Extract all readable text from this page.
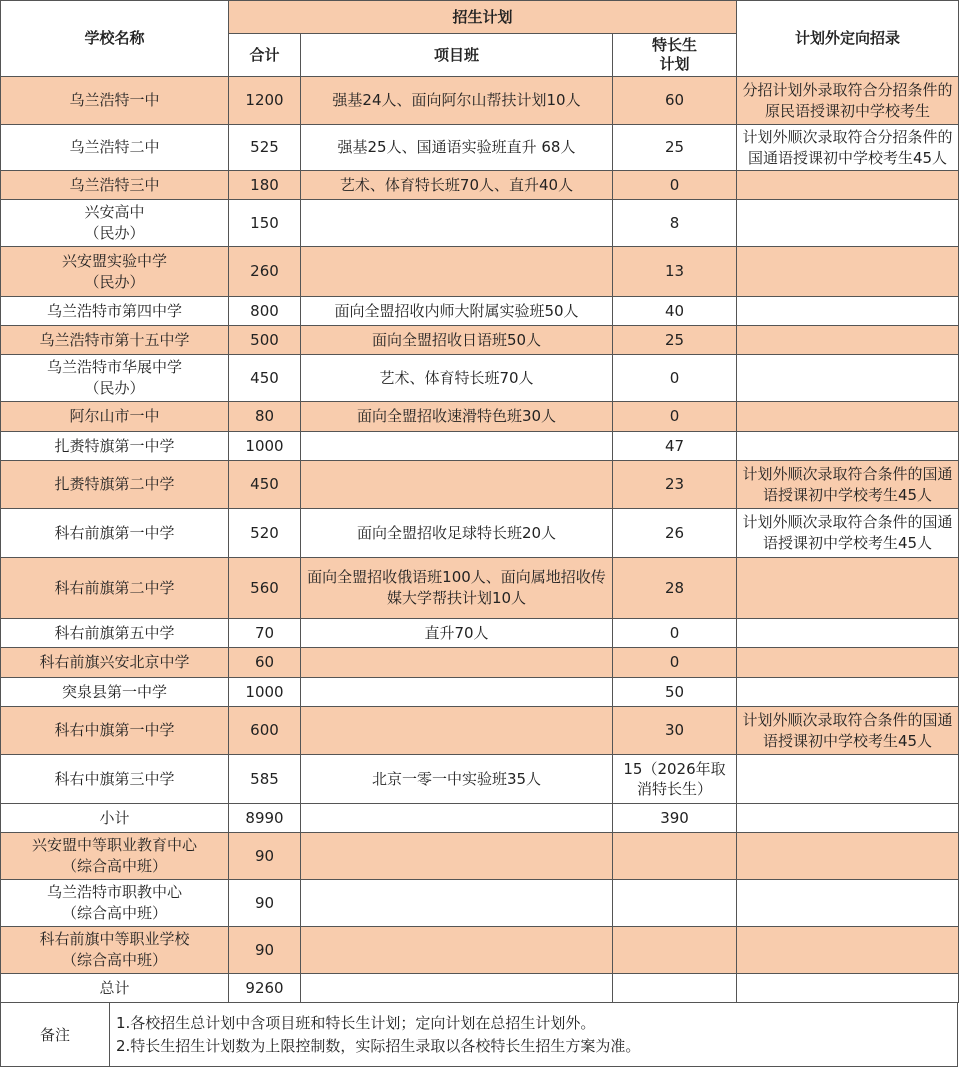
学校名称	招生计划			计划外定向招录
	合计	项目班	特长生
计划	
乌兰浩特一中	1200	强基24人、面向阿尔山帮扶计划10人	60	分招计划外录取符合分招条件的原民语授课初中学校考生
乌兰浩特二中	525	强基25人、国通语实验班直升 68人	25	计划外顺次录取符合分招条件的国通语授课初中学校考生45人
乌兰浩特三中	180	艺术、体育特长班70人、直升40人	0	
兴安高中
（民办）	150		8	
兴安盟实验中学
（民办）	260		13	
乌兰浩特市第四中学	800	面向全盟招收内师大附属实验班50人	40	
乌兰浩特市第十五中学	500	面向全盟招收日语班50人	25	
乌兰浩特市华展中学
（民办）	450	艺术、体育特长班70人	0	
阿尔山市一中	80	面向全盟招收速滑特色班30人	0	
扎赉特旗第一中学	1000		47	
扎赉特旗第二中学	450		23	计划外顺次录取符合条件的国通语授课初中学校考生45人
科右前旗第一中学	520	面向全盟招收足球特长班20人	26	计划外顺次录取符合条件的国通语授课初中学校考生45人
科右前旗第二中学	560	面向全盟招收俄语班100人、面向属地招收传媒大学帮扶计划10人	28	
科右前旗第五中学	70	直升70人	0	
科右前旗兴安北京中学	60		0	
突泉县第一中学	1000		50	
科右中旗第一中学	600		30	计划外顺次录取符合条件的国通语授课初中学校考生45人
科右中旗第三中学	585	北京一零一中实验班35人	15（2026年取消特长生）	
小计	8990		390	
兴安盟中等职业教育中心
（综合高中班）	90			
乌兰浩特市职教中心
（综合高中班）	90			
科右前旗中等职业学校
（综合高中班）	90			
总计	9260			
备注
1.各校招生总计划中含项目班和特长生计划；定向计划在总招生计划外。
2.特长生招生计划数为上限控制数，实际招生录取以各校特长生招生方案为准。
